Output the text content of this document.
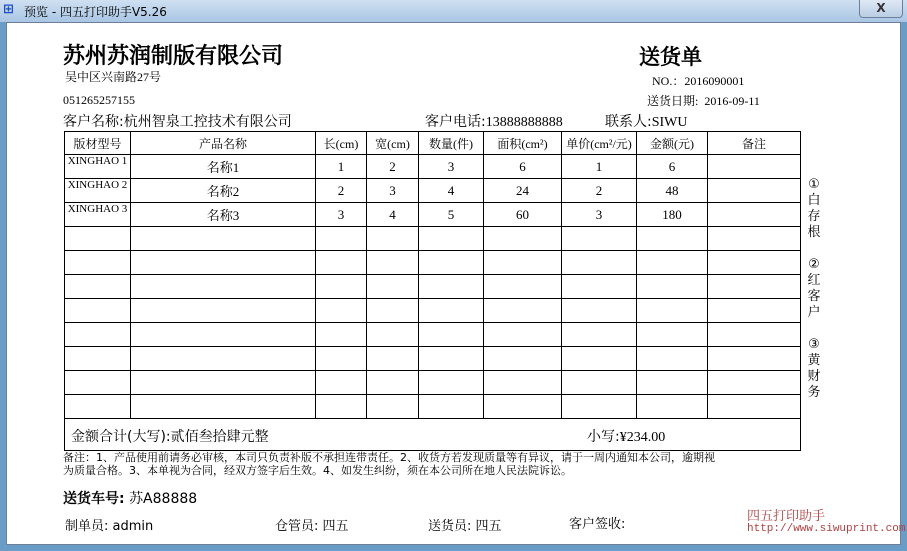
⊞ 预览 - 四五打印助手V5.26	X
苏州苏润制版有限公司
吴中区兴南路27号
051265257155
送货单
NO.：2016090001
送货日期: 2016-09-11
客户名称:杭州智泉工控技术有限公司	客户电话:13888888888	联系人:SIWU
版材型号	产品名称	长(cm)	宽(cm)	数量(件)	面积(cm²)	单价(cm²/元)	金额(元)	备注
XINGHAO 1	名称1	1	2	3	6	1	6	
XINGHAO 2	名称2	2	3	4	24	2	48	
XINGHAO 3	名称3	3	4	5	60	3	180	

金额合计(大写):贰佰叁拾肆元整 小写:¥234.00								
①白存根
②红客户
③黄财务
备注：1、产品使用前请务必审核，本司只负责补版不承担连带责任。2、收货方若发现质量等有异议，请于一周内通知本公司，逾期视为质量合格。3、本单视为合同，经双方签字后生效。4、如发生纠纷，须在本公司所在地人民法院诉讼。
送货车号: 苏A88888
制单员: admin	仓管员: 四五	送货员: 四五	客户签收:
四五打印助手
http://www.siwuprint.com
